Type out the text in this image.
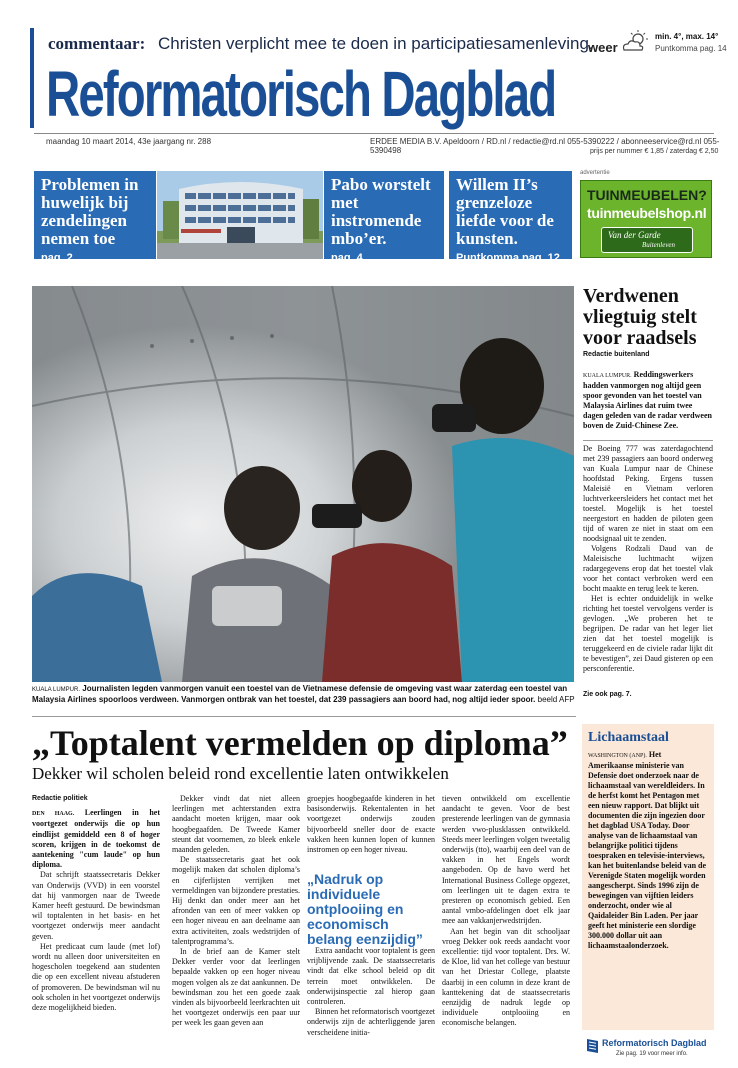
commentaar: Christen verplicht mee te doen in participatiesamenleving.
weer
min. 4°, max. 14°
Puntkomma pag. 14
Reformatorisch Dagblad
maandag 10 maart 2014, 43e jaargang nr. 288	ERDEE MEDIA B.V. Apeldoorn / RD.nl / redactie@rd.nl 055-5390222 / abonneeservice@rd.nl 055-5390498	prijs per nummer € 1,85 / zaterdag € 2,50
Problemen in huwelijk bij zendelingen nemen toe
pag. 2
Pabo worstelt met instromende mbo’er.
pag. 4
Willem II’s grenzeloze liefde voor de kunsten.
Puntkomma pag. 12
advertentie
TUINMEUBELEN?
tuinmeubelshop.nl
Van der Garde
Buitenleven
KUALA LUMPUR. Journalisten legden vanmorgen vanuit een toestel van de Vietnamese defensie de omgeving vast waar zaterdag een toestel van Malaysia Airlines spoorloos verdween. Vanmorgen ontbrak van het toestel, dat 239 passagiers aan boord had, nog altijd ieder spoor. beeld AFP
Verdwenen vliegtuig stelt voor raadsels
Redactie buitenland
KUALA LUMPUR. Reddingswerkers hadden vanmorgen nog altijd geen spoor gevonden van het toestel van Malaysia Airlines dat ruim twee dagen geleden van de radar verdween boven de Zuid-Chinese Zee.

De Boeing 777 was zaterdagochtend met 239 passagiers aan boord onderweg van Kuala Lumpur naar de Chinese hoofdstad Peking. Ergens tussen Maleisië en Vietnam verloren luchtverkeersleiders het contact met het toestel. Mogelijk is het toestel neergestort en hadden de piloten geen tijd of waren ze niet in staat om een noodsignaal uit te zenden.

Volgens Rodzali Daud van de Maleisische luchtmacht wijzen radargegevens erop dat het toestel vlak voor het contact verbroken werd een bocht maakte en terug leek te keren.

Het is echter onduidelijk in welke richting het toestel vervolgens verder is gevlogen. „We proberen het te begrijpen. De radar van het leger liet zien dat het toestel mogelijk is teruggekeerd en de civiele radar lijkt dit te bevestigen”, zei Daud gisteren op een persconferentie.

Zie ook pag. 7.
„Toptalent vermelden op diploma”
Dekker wil scholen beleid rond excellentie laten ontwikkelen
Redactie politiek

DEN HAAG. Leerlingen in het voortgezet onderwijs die op hun eindlijst gemiddeld een 8 of hoger scoren, krijgen in de toekomst de aantekening "cum laude" op hun diploma.

Dat schrijft staatssecretaris Dekker van Onderwijs (VVD) in een voorstel dat hij vanmorgen naar de Tweede Kamer heeft gestuurd. De bewindsman wil toptalenten in het basis- en het voortgezet onderwijs meer aandacht geven.

Het predicaat cum laude (met lof) wordt nu alleen door universiteiten en hogescholen toegekend aan studenten die op een excellent niveau afstuderen of promoveren. De bewindsman wil nu ook scholen in het voortgezet onderwijs deze mogelijkheid bieden.

Dekker vindt dat niet alleen leerlingen met achterstanden extra aandacht moeten krijgen, maar ook hoogbegaafden. De Tweede Kamer steunt dat voornemen, zo bleek enkele maanden geleden.

De staatssecretaris gaat het ook mogelijk maken dat scholen diploma’s en cijferlijsten verrijken met vermeldingen van bijzondere prestaties. Hij denkt dan onder meer aan het afronden van een of meer vakken op een hoger niveau en aan deelname aan extra activiteiten, zoals wedstrijden of talentprogramma’s.

In de brief aan de Kamer stelt Dekker verder voor dat leerlingen bepaalde vakken op een hoger niveau mogen volgen als ze dat aankunnen. De bewindsman zou het een goede zaak vinden als bijvoorbeeld leerkrachten uit het voortgezet onderwijs een paar uur per week les gaan geven aan

groepjes hoogbegaafde kinderen in het basisonderwijs. Rekentalenten in het voortgezet onderwijs zouden bijvoorbeeld sneller door de exacte vakken heen kunnen lopen of kunnen instromen op een hoger niveau.

„Nadruk op individuele ontplooiing en economisch belang eenzijdig”

Extra aandacht voor toptalent is geen vrijblijvende zaak. De staatssecretaris vindt dat elke school beleid op dit terrein moet ontwikkelen. De onderwijsinspectie zal hierop gaan controleren.

Binnen het reformatorisch voortgezet onderwijs zijn de achterliggende jaren verscheidene initia-

tieven ontwikkeld om excellentie aandacht te geven. Voor de best presterende leerlingen van de gymnasia werden vwo-plusklassen ontwikkeld. Steeds meer leerlingen volgen tweetalig onderwijs (tto), waarbij een deel van de vakken in het Engels wordt aangeboden. Op de havo werd het International Business College opgezet, om leerlingen uit te dagen extra te presteren op economisch gebied. Een aantal vmbo-afdelingen doet elk jaar mee aan vakkanjerwedstrijden.

Aan het begin van dit schooljaar vroeg Dekker ook reeds aandacht voor excellentie: tijd voor toptalent. Drs. W. de Kloe, lid van het college van bestuur van het Driestar College, plaatste daarbij in een column in deze krant de kanttekening dat de staatssecretaris eenzijdig de nadruk legde op individuele ontplooiing en economische belangen.

Lichaamstaal
WASHINGTON (ANP). Het Amerikaanse ministerie van Defensie doet onderzoek naar de lichaamstaal van wereldleiders. In de herfst komt het Pentagon met een nieuw rapport. Dat blijkt uit documenten die zijn ingezien door het dagblad USA Today. Door analyse van de lichaamstaal van belangrijke politici tijdens toespraken en televisie-interviews, kan het buitenlandse beleid van de Verenigde Staten mogelijk worden aangescherpt. Sinds 1996 zijn de bewegingen van vijftien leiders onderzocht, onder wie al Qaidaleider Bin Laden. Per jaar geeft het ministerie een slordige 300.000 dollar uit aan lichaamstaalonderzoek.
Reformatorisch Dagblad
Zie pag. 19 voor meer info.
